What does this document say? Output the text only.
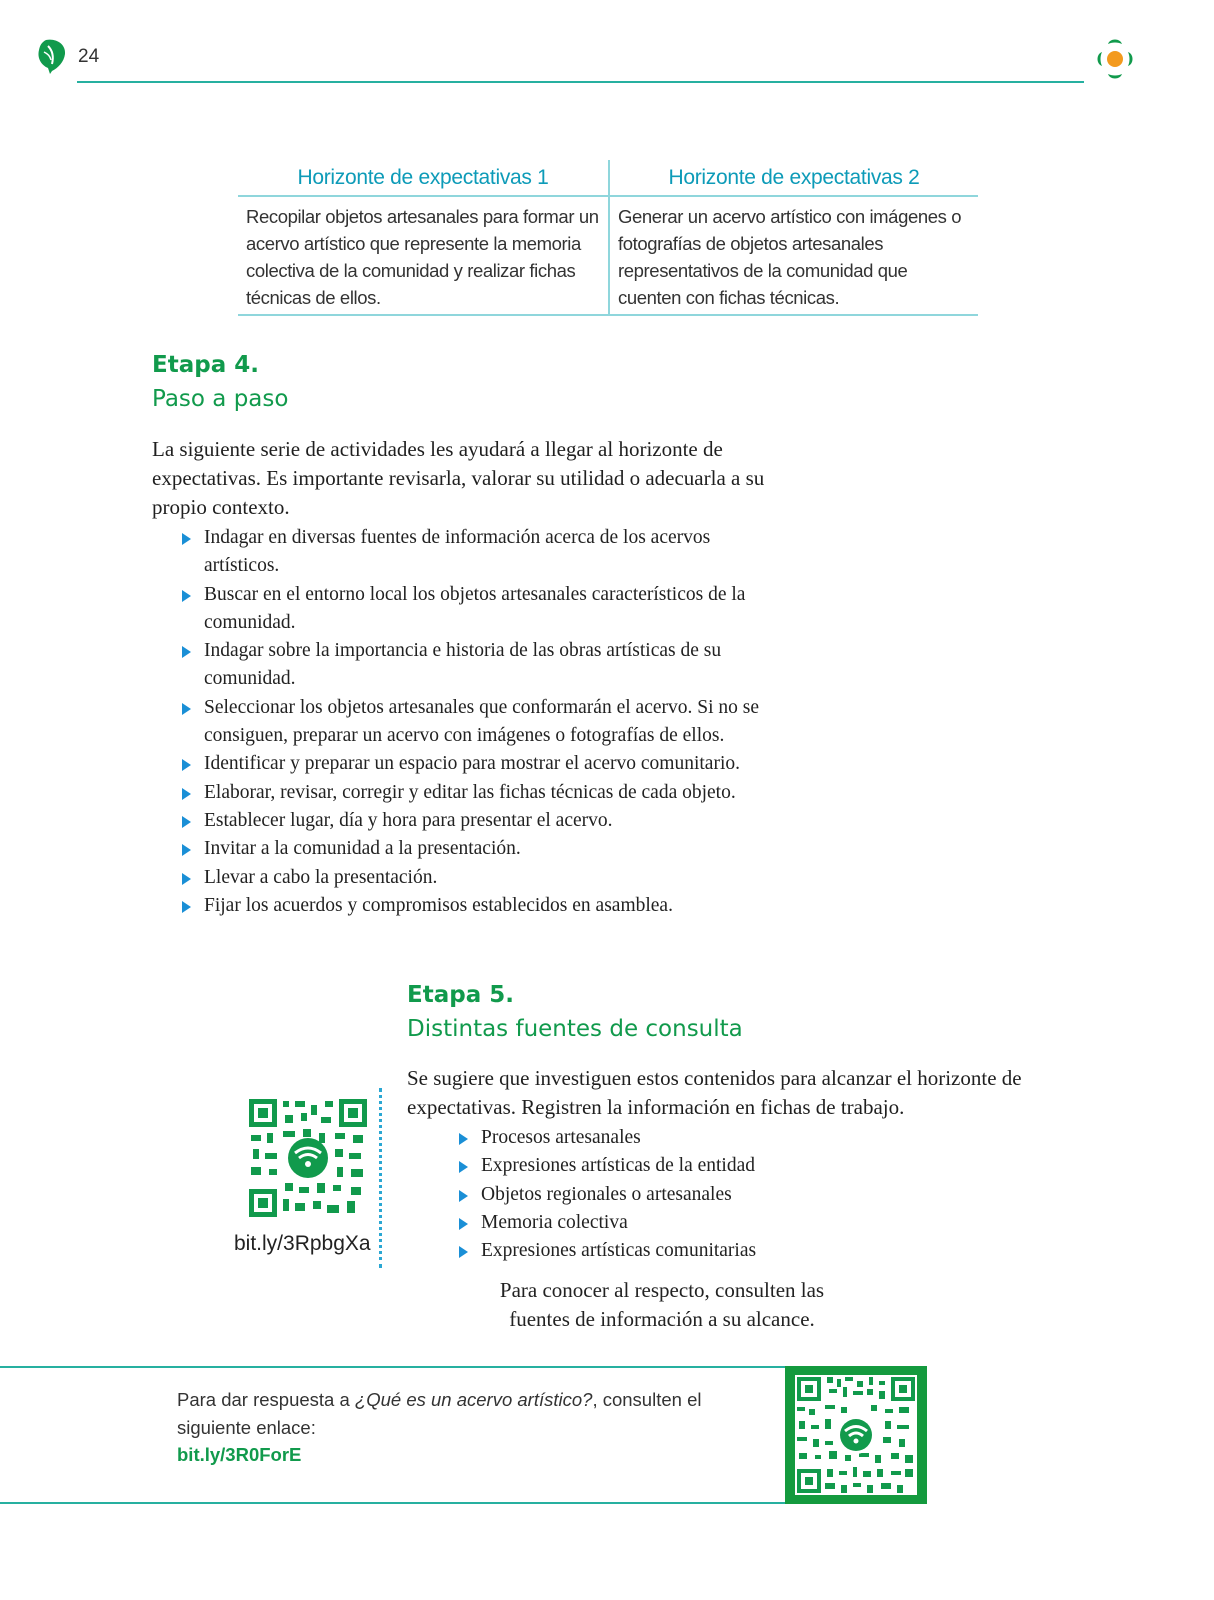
24
Horizonte de expectativas 1	Horizonte de expectativas 2
Recopilar objetos artesanales para formar un acervo artístico que represente la memoria colectiva de la comunidad y realizar fichas técnicas de ellos.	Generar un acervo artístico con imágenes o fotografías de objetos artesanales representativos de la comunidad que cuenten con fichas técnicas.
Etapa 4.
Paso a paso

La siguiente serie de actividades les ayudará a llegar al horizonte de expectativas. Es importante revisarla, valorar su utilidad o adecuarla a su propio contexto.

Indagar en diversas fuentes de información acerca de los acervos artísticos.
Buscar en el entorno local los objetos artesanales característicos de la comunidad.
Indagar sobre la importancia e historia de las obras artísticas de su comunidad.
Seleccionar los objetos artesanales que conformarán el acervo. Si no se consiguen, preparar un acervo con imágenes o fotografías de ellos.
Identificar y preparar un espacio para mostrar el acervo comunitario.
Elaborar, revisar, corregir y editar las fichas técnicas de cada objeto.
Establecer lugar, día y hora para presentar el acervo.
Invitar a la comunidad a la presentación.
Llevar a cabo la presentación.
Fijar los acuerdos y compromisos establecidos en asamblea.
Etapa 5.
Distintas fuentes de consulta

Se sugiere que investiguen estos contenidos para alcanzar el horizonte de expectativas. Registren la información en fichas de trabajo.

Procesos artesanales
Expresiones artísticas de la entidad
Objetos regionales o artesanales
Memoria colectiva
Expresiones artísticas comunitarias
bit.ly/3RpbgXa

Para conocer al respecto, consulten las fuentes de información a su alcance.

Para dar respuesta a ¿Qué es un acervo artístico?, consulten el siguiente enlace:

bit.ly/3R0ForE
